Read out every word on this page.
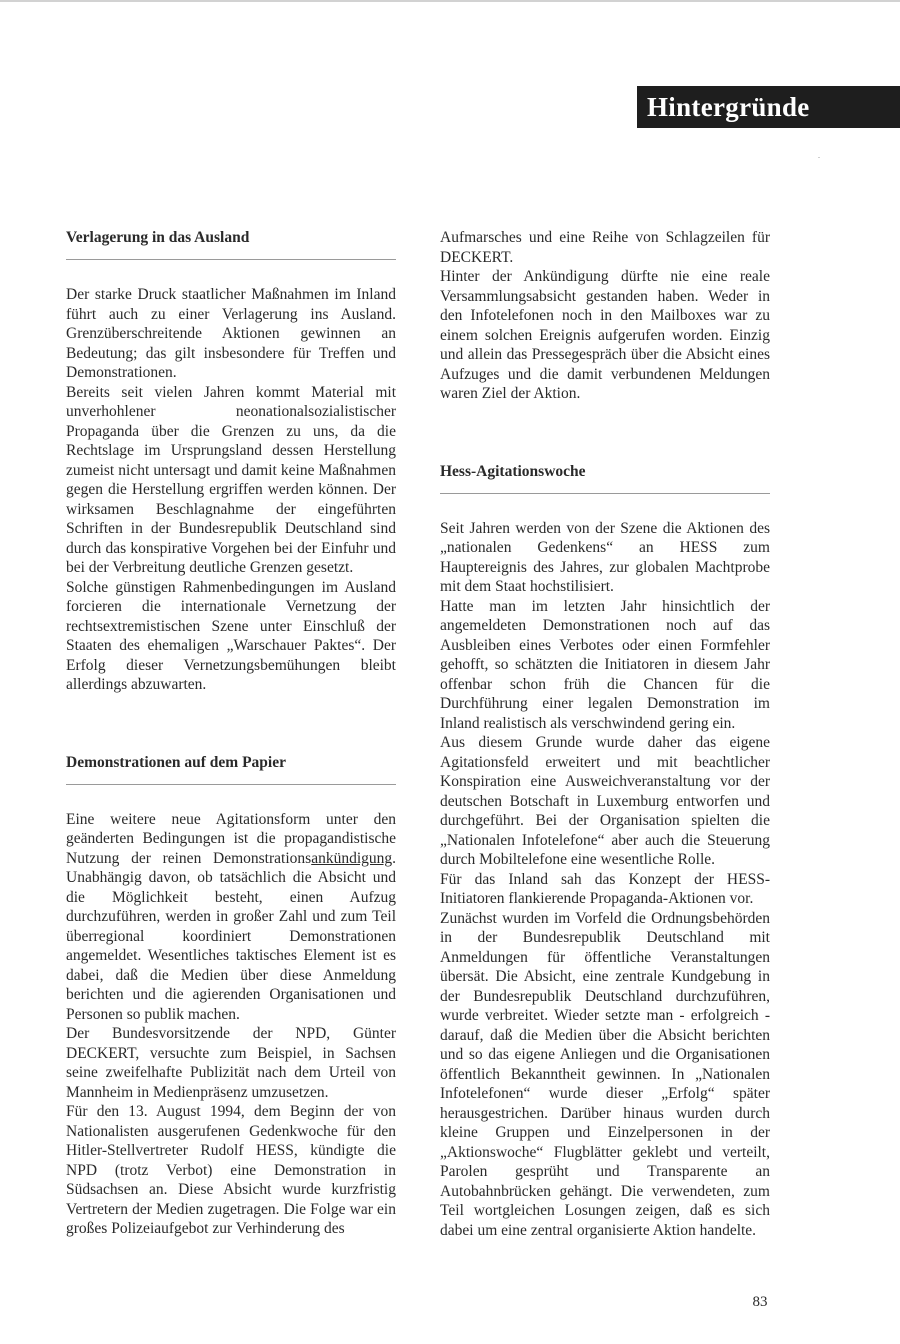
Hintergründe
Verlagerung in das Ausland

Der starke Druck staatlicher Maßnahmen im Inland führt auch zu einer Verlagerung ins Ausland. Grenzüberschreitende Aktionen gewinnen an Bedeutung; das gilt insbesondere für Treffen und Demonstrationen.

Bereits seit vielen Jahren kommt Material mit unverhohlener neonationalsozialistischer Propaganda über die Grenzen zu uns, da die Rechtslage im Ursprungsland dessen Herstellung zumeist nicht untersagt und damit keine Maßnahmen gegen die Herstellung ergriffen werden können. Der wirksamen Beschlagnahme der eingeführten Schriften in der Bundesrepublik Deutschland sind durch das konspirative Vorgehen bei der Einfuhr und bei der Verbreitung deutliche Grenzen gesetzt.

Solche günstigen Rahmenbedingungen im Ausland forcieren die internationale Vernetzung der rechtsextremistischen Szene unter Einschluß der Staaten des ehemaligen „Warschauer Paktes“. Der Erfolg dieser Vernetzungsbemühungen bleibt allerdings abzuwarten.

Demonstrationen auf dem Papier

Eine weitere neue Agitationsform unter den geänderten Bedingungen ist die propagandistische Nutzung der reinen Demonstrationsankündigung. Unabhängig davon, ob tatsächlich die Absicht und die Möglichkeit besteht, einen Aufzug durchzuführen, werden in großer Zahl und zum Teil überregional koordiniert Demonstrationen angemeldet. Wesentliches taktisches Element ist es dabei, daß die Medien über diese Anmeldung berichten und die agierenden Organisationen und Personen so publik machen.

Der Bundesvorsitzende der NPD, Günter DECKERT, versuchte zum Beispiel, in Sachsen seine zweifelhafte Publizität nach dem Urteil von Mannheim in Medienpräsenz umzusetzen.

Für den 13. August 1994, dem Beginn der von Nationalisten ausgerufenen Gedenkwoche für den Hitler-Stellvertreter Rudolf HESS, kündigte die NPD (trotz Verbot) eine Demonstration in Südsachsen an. Diese Absicht wurde kurzfristig Vertretern der Medien zugetragen. Die Folge war ein großes Polizeiaufgebot zur Verhinderung des

Aufmarsches und eine Reihe von Schlagzeilen für DECKERT.

Hinter der Ankündigung dürfte nie eine reale Versammlungsabsicht gestanden haben. Weder in den Infotelefonen noch in den Mailboxes war zu einem solchen Ereignis aufgerufen worden. Einzig und allein das Pressegespräch über die Absicht eines Aufzuges und die damit verbundenen Meldungen waren Ziel der Aktion.

Hess-Agitationswoche

Seit Jahren werden von der Szene die Aktionen des „nationalen Gedenkens“ an HESS zum Hauptereignis des Jahres, zur globalen Machtprobe mit dem Staat hochstilisiert.

Hatte man im letzten Jahr hinsichtlich der angemeldeten Demonstrationen noch auf das Ausbleiben eines Verbotes oder einen Formfehler gehofft, so schätzten die Initiatoren in diesem Jahr offenbar schon früh die Chancen für die Durchführung einer legalen Demonstration im Inland realistisch als verschwindend gering ein.

Aus diesem Grunde wurde daher das eigene Agitationsfeld erweitert und mit beachtlicher Konspiration eine Ausweichveranstaltung vor der deutschen Botschaft in Luxemburg entworfen und durchgeführt. Bei der Organisation spielten die „Nationalen Infotelefone“ aber auch die Steuerung durch Mobiltelefone eine wesentliche Rolle.

Für das Inland sah das Konzept der HESS-Initiatoren flankierende Propaganda-Aktionen vor.

Zunächst wurden im Vorfeld die Ordnungsbehörden in der Bundesrepublik Deutschland mit Anmeldungen für öffentliche Veranstaltungen übersät. Die Absicht, eine zentrale Kundgebung in der Bundesrepublik Deutschland durchzuführen, wurde verbreitet. Wieder setzte man - erfolgreich - darauf, daß die Medien über die Absicht berichten und so das eigene Anliegen und die Organisationen öffentlich Bekanntheit gewinnen. In „Nationalen Infotelefonen“ wurde dieser „Erfolg“ später herausgestrichen. Darüber hinaus wurden durch kleine Gruppen und Einzelpersonen in der „Aktionswoche“ Flugblätter geklebt und verteilt, Parolen gesprüht und Transparente an Autobahnbrücken gehängt. Die verwendeten, zum Teil wortgleichen Losungen zeigen, daß es sich dabei um eine zentral organisierte Aktion handelte.

83
